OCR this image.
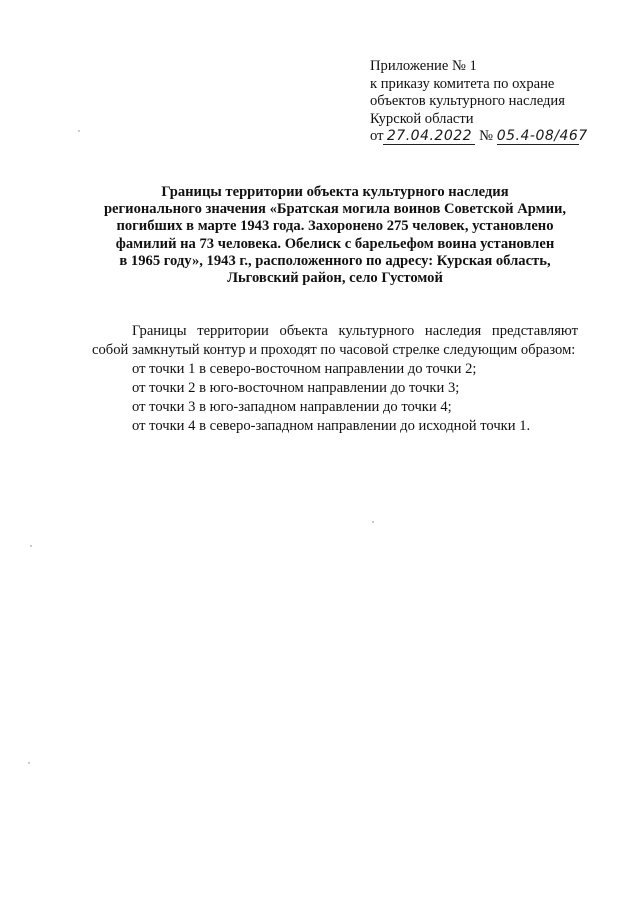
Приложение № 1
к приказу комитета по охране
объектов культурного наследия
Курской области
от 27.04.2022 № 05.4-08/467
Границы территории объекта культурного наследия
регионального значения «Братская могила воинов Советской Армии,
погибших в марте 1943 года. Захоронено 275 человек, установлено
фамилий на 73 человека. Обелиск с барельефом воина установлен
в 1965 году», 1943 г., расположенного по адресу: Курская область,
Льговский район, село Густомой
Границы территории объекта культурного наследия представляют собой замкнутый контур и проходят по часовой стрелке следующим образом:
от точки 1 в северо-восточном направлении до точки 2;
от точки 2 в юго-восточном направлении до точки 3;
от точки 3 в юго-западном направлении до точки 4;
от точки 4 в северо-западном направлении до исходной точки 1.
